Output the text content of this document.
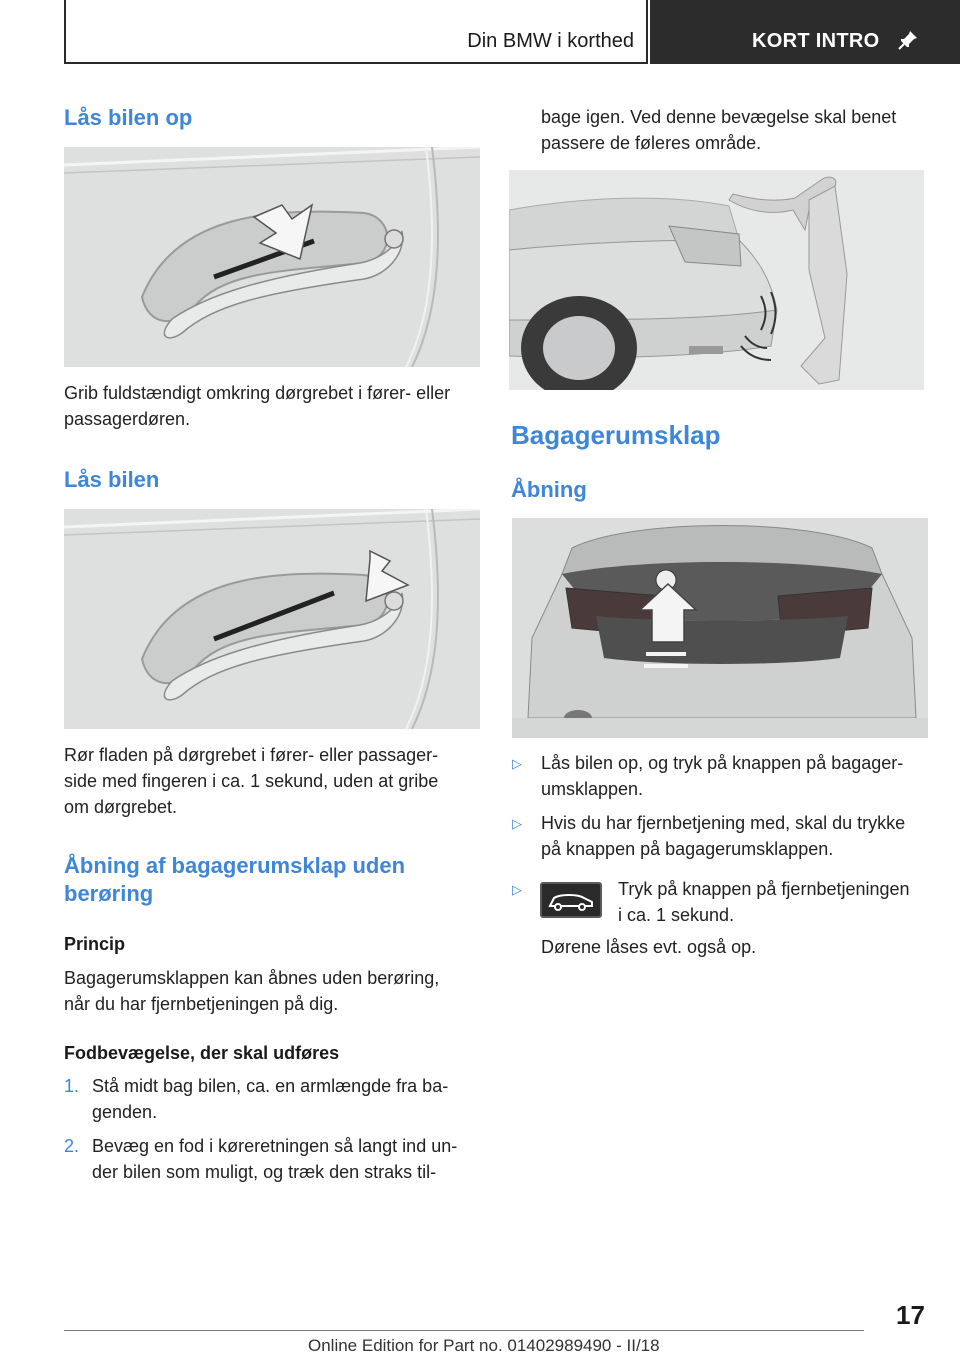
Din BMW i korthed	KORT INTRO
Lås bilen op

Grib fuldstændigt omkring dørgrebet i fører- eller
passagerdøren.

Lås bilen

Rør fladen på dørgrebet i fører- eller passager-
side med fingeren i ca. 1 sekund, uden at gribe
om dørgrebet.

Åbning af bagagerumsklap uden
berøring
Princip

Bagagerumsklappen kan åbnes uden berøring,
når du har fjernbetjeningen på dig.

Fodbevægelse, der skal udføres
1. Stå midt bag bilen, ca. en armlængde fra ba-
genden.

2. Bevæg en fod i køreretningen så langt ind un-
der bilen som muligt, og træk den straks til-

bage igen. Ved denne bevægelse skal benet
passere de føleres område.

Bagagerumsklap
Åbning
▷ Lås bilen op, og tryk på knappen på bagager-
umsklappen.

▷ Hvis du har fjernbetjening med, skal du trykke
på knappen på bagagerumsklappen.

▷	Tryk på knappen på fjernbetjeningen
i ca. 1 sekund.

Dørene låses evt. også op.

17
Online Edition for Part no. 01402989490 - II/18
